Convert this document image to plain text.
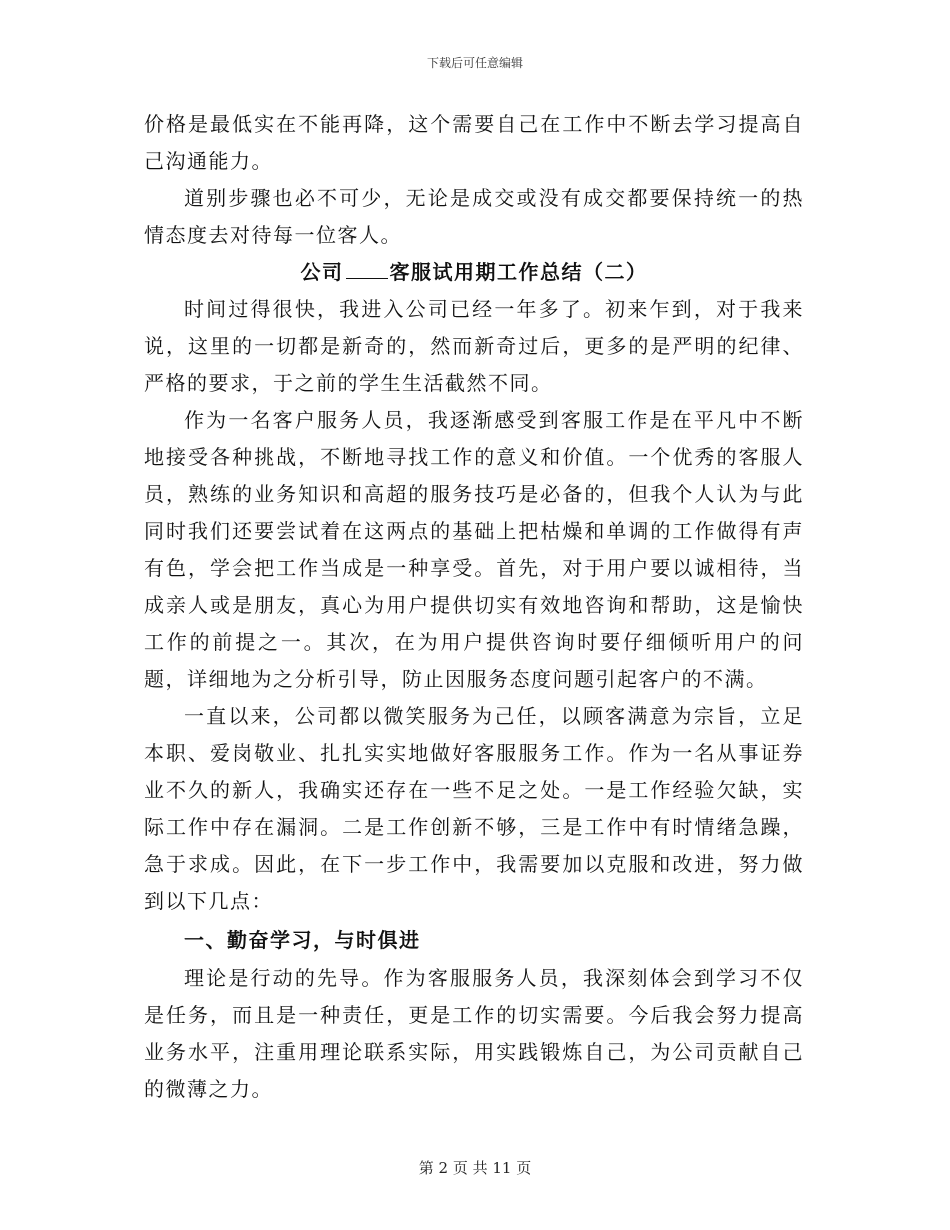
下载后可任意编辑

价格是最低实在不能再降，这个需要自己在工作中不断去学习提高自己沟通能力。

道别步骤也必不可少，无论是成交或没有成交都要保持统一的热情态度去对待每一位客人。

公司 客服试用期工作总结（二）

时间过得很快，我进入公司已经一年多了。初来乍到，对于我来说，这里的一切都是新奇的，然而新奇过后，更多的是严明的纪律、严格的要求，于之前的学生生活截然不同。

作为一名客户服务人员，我逐渐感受到客服工作是在平凡中不断地接受各种挑战，不断地寻找工作的意义和价值。一个优秀的客服人员，熟练的业务知识和高超的服务技巧是必备的，但我个人认为与此同时我们还要尝试着在这两点的基础上把枯燥和单调的工作做得有声有色，学会把工作当成是一种享受。首先，对于用户要以诚相待，当成亲人或是朋友，真心为用户提供切实有效地咨询和帮助，这是愉快工作的前提之一。其次，在为用户提供咨询时要仔细倾听用户的问题，详细地为之分析引导，防止因服务态度问题引起客户的不满。

一直以来，公司都以微笑服务为己任，以顾客满意为宗旨，立足本职、爱岗敬业、扎扎实实地做好客服服务工作。作为一名从事证券业不久的新人，我确实还存在一些不足之处。一是工作经验欠缺，实际工作中存在漏洞。二是工作创新不够，三是工作中有时情绪急躁，急于求成。因此，在下一步工作中，我需要加以克服和改进，努力做到以下几点：

一、勤奋学习，与时俱进

理论是行动的先导。作为客服服务人员，我深刻体会到学习不仅是任务，而且是一种责任，更是工作的切实需要。今后我会努力提高业务水平，注重用理论联系实际，用实践锻炼自己，为公司贡献自己的微薄之力。

第 2 页 共 11 页
